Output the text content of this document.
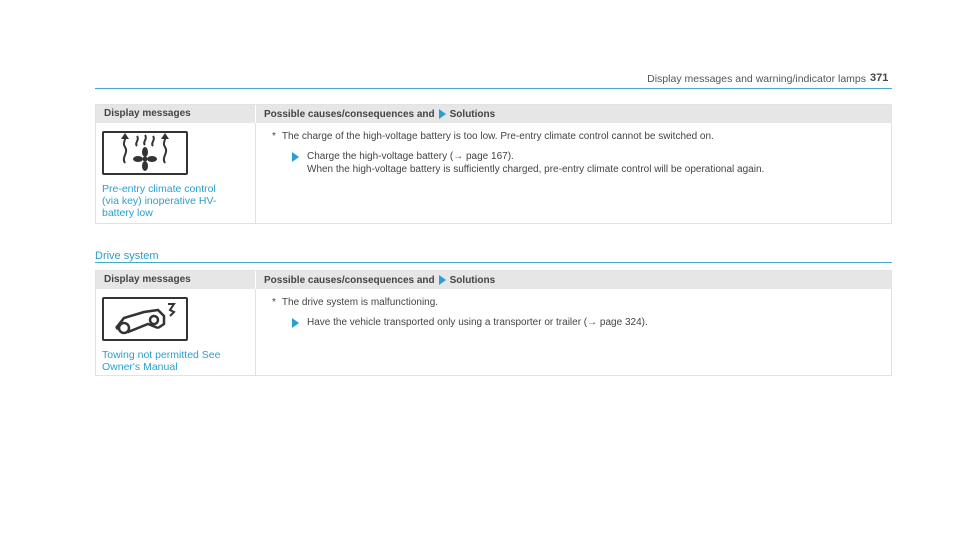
Display messages and warning/indicator lamps 371
Display messages	Possible causes/consequences and Solutions
Pre-entry climate control
(via key) inoperative HV-
battery low
* The charge of the high-voltage battery is too low. Pre-entry climate control cannot be switched on.
Charge the high-voltage battery (→ page 167).
When the high-voltage battery is sufficiently charged, pre-entry climate control will be operational again.
Drive system
Display messages	Possible causes/consequences and Solutions
Towing not permitted See
Owner's Manual
* The drive system is malfunctioning.
Have the vehicle transported only using a transporter or trailer (→ page 324).
